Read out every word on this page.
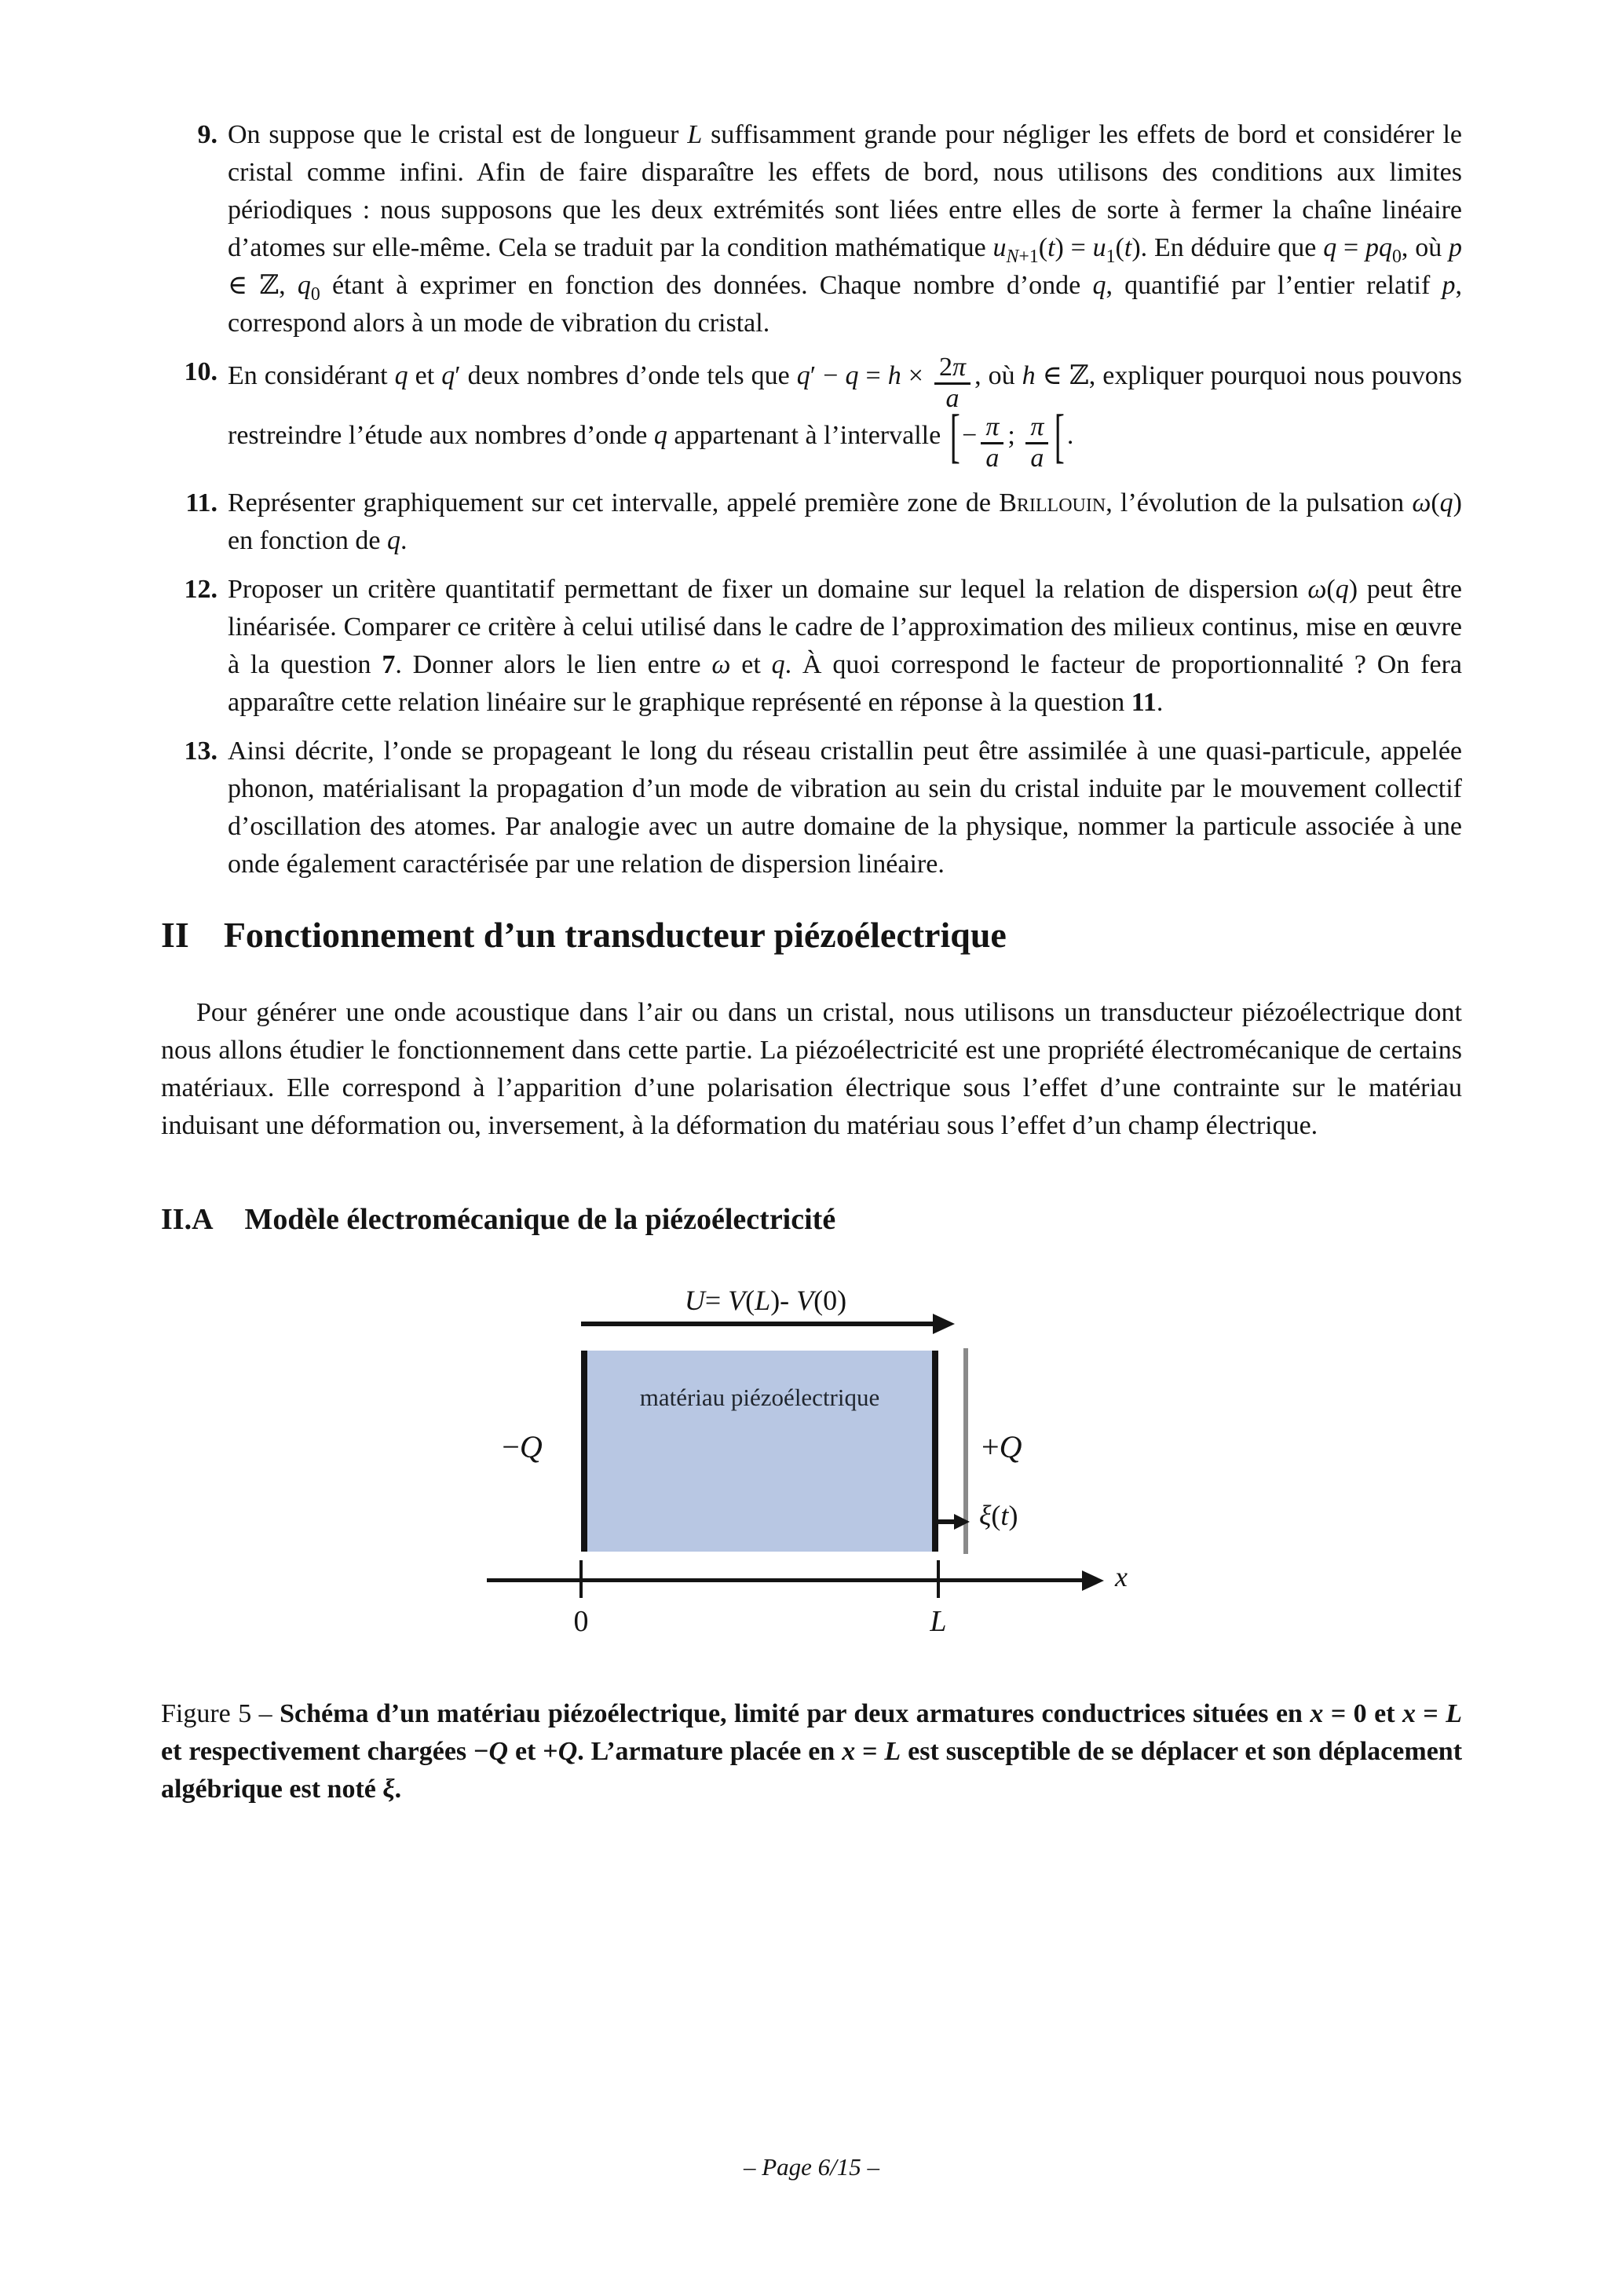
9. On suppose que le cristal est de longueur L suffisamment grande pour négliger les effets de bord et considérer le cristal comme infini. Afin de faire disparaître les effets de bord, nous utilisons des conditions aux limites périodiques : nous supposons que les deux extrémités sont liées entre elles de sorte à fermer la chaîne linéaire d’atomes sur elle-même. Cela se traduit par la condition mathématique $u_{N+1}(t) = u_1(t)$. En déduire que $q = pq_0$, où p ∈ ℤ, $q_0$ étant à exprimer en fonction des données. Chaque nombre d’onde q, quantifié par l’entier relatif p, correspond alors à un mode de vibration du cristal.
10. En considérant q et q′ deux nombres d’onde tels que $q' - q = h \times \frac{2\pi}{a}$ , où h ∈ ℤ, expliquer pourquoi nous pouvons restreindre l’étude aux nombres d’onde q appartenant à l’intervalle [− $\frac{\pi}{a}$ ; $\frac{\pi}{a}$ [.
11. Représenter graphiquement sur cet intervalle, appelé première zone de Brillouin, l’évolution de la pulsation ω(q) en fonction de q.
12. Proposer un critère quantitatif permettant de fixer un domaine sur lequel la relation de dispersion ω(q) peut être linéarisée. Comparer ce critère à celui utilisé dans le cadre de l’approximation des milieux continus, mise en œuvre à la question 7. Donner alors le lien entre ω et q. À quoi correspond le facteur de proportionnalité ? On fera apparaître cette relation linéaire sur le graphique représenté en réponse à la question 11.
13. Ainsi décrite, l’onde se propageant le long du réseau cristallin peut être assimilée à une quasi-particule, appelée phonon, matérialisant la propagation d’un mode de vibration au sein du cristal induite par le mouvement collectif d’oscillation des atomes. Par analogie avec un autre domaine de la physique, nommer la particule associée à une onde également caractérisée par une relation de dispersion linéaire.
II Fonctionnement d’un transducteur piézoélectrique
Pour générer une onde acoustique dans l’air ou dans un cristal, nous utilisons un transducteur piézoélectrique dont nous allons étudier le fonctionnement dans cette partie. La piézoélectricité est une propriété électromécanique de certains matériaux. Elle correspond à l’apparition d’une polarisation électrique sous l’effet d’une contrainte sur le matériau induisant une déformation ou, inversement, à la déformation du matériau sous l’effet d’un champ électrique.
II.A Modèle électromécanique de la piézoélectricité
U= V(L)- V(0)
matériau piézoélectrique
−Q	+Q
ξ(t)
x
0	L
Figure 5 – Schéma d’un matériau piézoélectrique, limité par deux armatures conductrices situées en x = 0 et x = L et respectivement chargées −Q et +Q. L’armature placée en x = L est susceptible de se déplacer et son déplacement algébrique est noté ξ.
– Page 6/15 –
